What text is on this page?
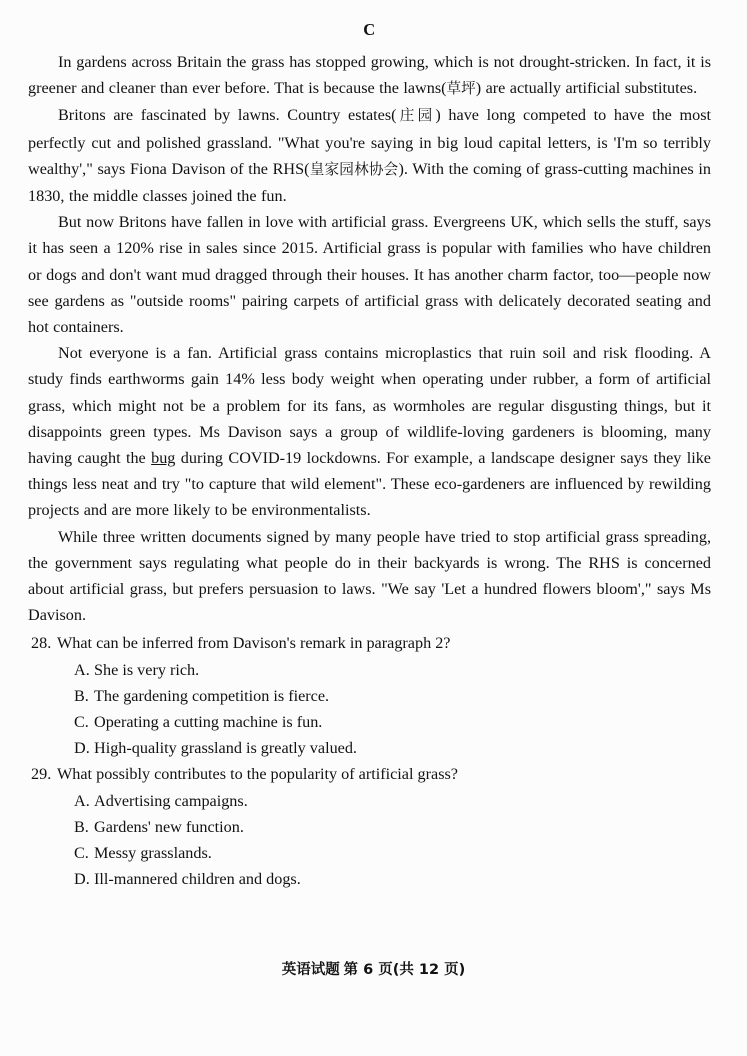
C

In gardens across Britain the grass has stopped growing, which is not drought-stricken. In fact, it is greener and cleaner than ever before. That is because the lawns(草坪) are actually artificial substitutes.

Britons are fascinated by lawns. Country estates(庄园) have long competed to have the most perfectly cut and polished grassland. "What you're saying in big loud capital letters, is 'I'm so terribly wealthy'," says Fiona Davison of the RHS(皇家园林协会). With the coming of grass-cutting machines in 1830, the middle classes joined the fun.

But now Britons have fallen in love with artificial grass. Evergreens UK, which sells the stuff, says it has seen a 120% rise in sales since 2015. Artificial grass is popular with families who have children or dogs and don't want mud dragged through their houses. It has another charm factor, too—people now see gardens as "outside rooms" pairing carpets of artificial grass with delicately decorated seating and hot containers.

Not everyone is a fan. Artificial grass contains microplastics that ruin soil and risk flooding. A study finds earthworms gain 14% less body weight when operating under rubber, a form of artificial grass, which might not be a problem for its fans, as wormholes are regular disgusting things, but it disappoints green types. Ms Davison says a group of wildlife-loving gardeners is blooming, many having caught the bug during COVID-19 lockdowns. For example, a landscape designer says they like things less neat and try "to capture that wild element". These eco-gardeners are influenced by rewilding projects and are more likely to be environmentalists.

While three written documents signed by many people have tried to stop artificial grass spreading, the government says regulating what people do in their backyards is wrong. The RHS is concerned about artificial grass, but prefers persuasion to laws. "We say 'Let a hundred flowers bloom'," says Ms Davison.

28. What can be inferred from Davison's remark in paragraph 2?

A. She is very rich.

B. The gardening competition is fierce.

C. Operating a cutting machine is fun.

D. High-quality grassland is greatly valued.

29. What possibly contributes to the popularity of artificial grass?

A. Advertising campaigns.

B. Gardens' new function.

C. Messy grasslands.

D. Ill-mannered children and dogs.

英语试题 第 6 页(共 12 页)
